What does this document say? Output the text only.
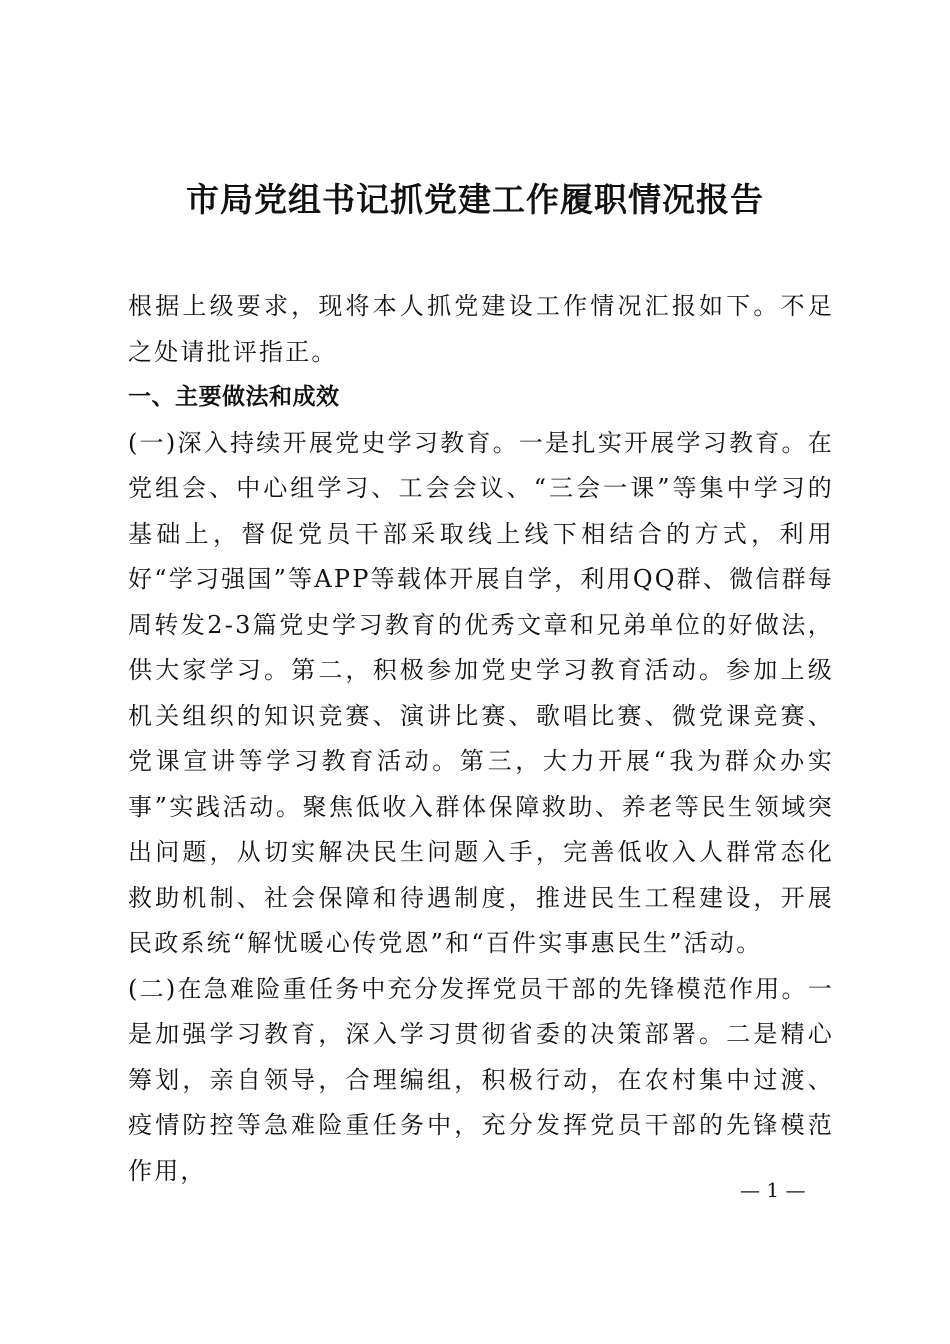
市局党组书记抓党建工作履职情况报告

根据上级要求，现将本人抓党建设工作情况汇报如下。不足之处请批评指正。

一、主要做法和成效

(一)深入持续开展党史学习教育。一是扎实开展学习教育。在党组会、中心组学习、工会会议、“三会一课”等集中学习的基础上，督促党员干部采取线上线下相结合的方式，利用好“学习强国”等APP等载体开展自学，利用QQ群、微信群每周转发2-3篇党史学习教育的优秀文章和兄弟单位的好做法，供大家学习。第二，积极参加党史学习教育活动。参加上级机关组织的知识竞赛、演讲比赛、歌唱比赛、微党课竞赛、党课宣讲等学习教育活动。第三，大力开展“我为群众办实事”实践活动。聚焦低收入群体保障救助、养老等民生领域突出问题，从切实解决民生问题入手，完善低收入人群常态化救助机制、社会保障和待遇制度，推进民生工程建设，开展民政系统“解忧暖心传党恩”和“百件实事惠民生”活动。

(二)在急难险重任务中充分发挥党员干部的先锋模范作用。一是加强学习教育，深入学习贯彻省委的决策部署。二是精心筹划，亲自领导，合理编组，积极行动，在农村集中过渡、疫情防控等急难险重任务中，充分发挥党员干部的先锋模范作用，

— 1 —
